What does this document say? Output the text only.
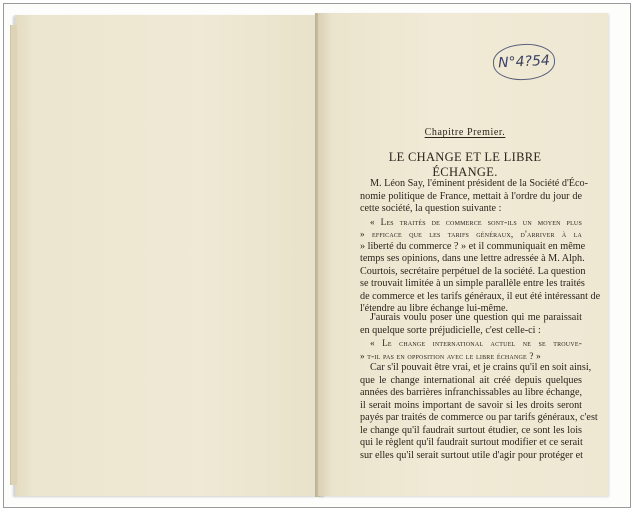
N°4?54
Chapitre Premier.
LE CHANGE ET LE LIBRE ÉCHANGE.
M. Léon Say, l'éminent président de la Société d'Éco-
nomie politique de France, mettait à l'ordre du jour de
cette société, la question suivante :
« Les traités de commerce sont-ils un moyen plus
» efficace que les tarifs généraux, d'arriver à la
» liberté du commerce ? » et il communiquait en même
temps ses opinions, dans une lettre adressée à M. Alph.
Courtois, secrétaire perpétuel de la société. La question
se trouvait limitée à un simple parallèle entre les traités
de commerce et les tarifs généraux, il eut été intéressant de
l'étendre au libre échange lui-même.
J'aurais voulu poser une question qui me paraissait
en quelque sorte préjudicielle, c'est celle-ci :
« Le change international actuel ne se trouve-
» t-il pas en opposition avec le libre échange ? »
Car s'il pouvait être vrai, et je crains qu'il en soit ainsi,
que le change international ait créé depuis quelques
années des barrières infranchissables au libre échange,
il serait moins important de savoir si les droits seront
payés par traités de commerce ou par tarifs généraux, c'est
le change qu'il faudrait surtout étudier, ce sont les lois
qui le règlent qu'il faudrait surtout modifier et ce serait
sur elles qu'il serait surtout utile d'agir pour protéger et
